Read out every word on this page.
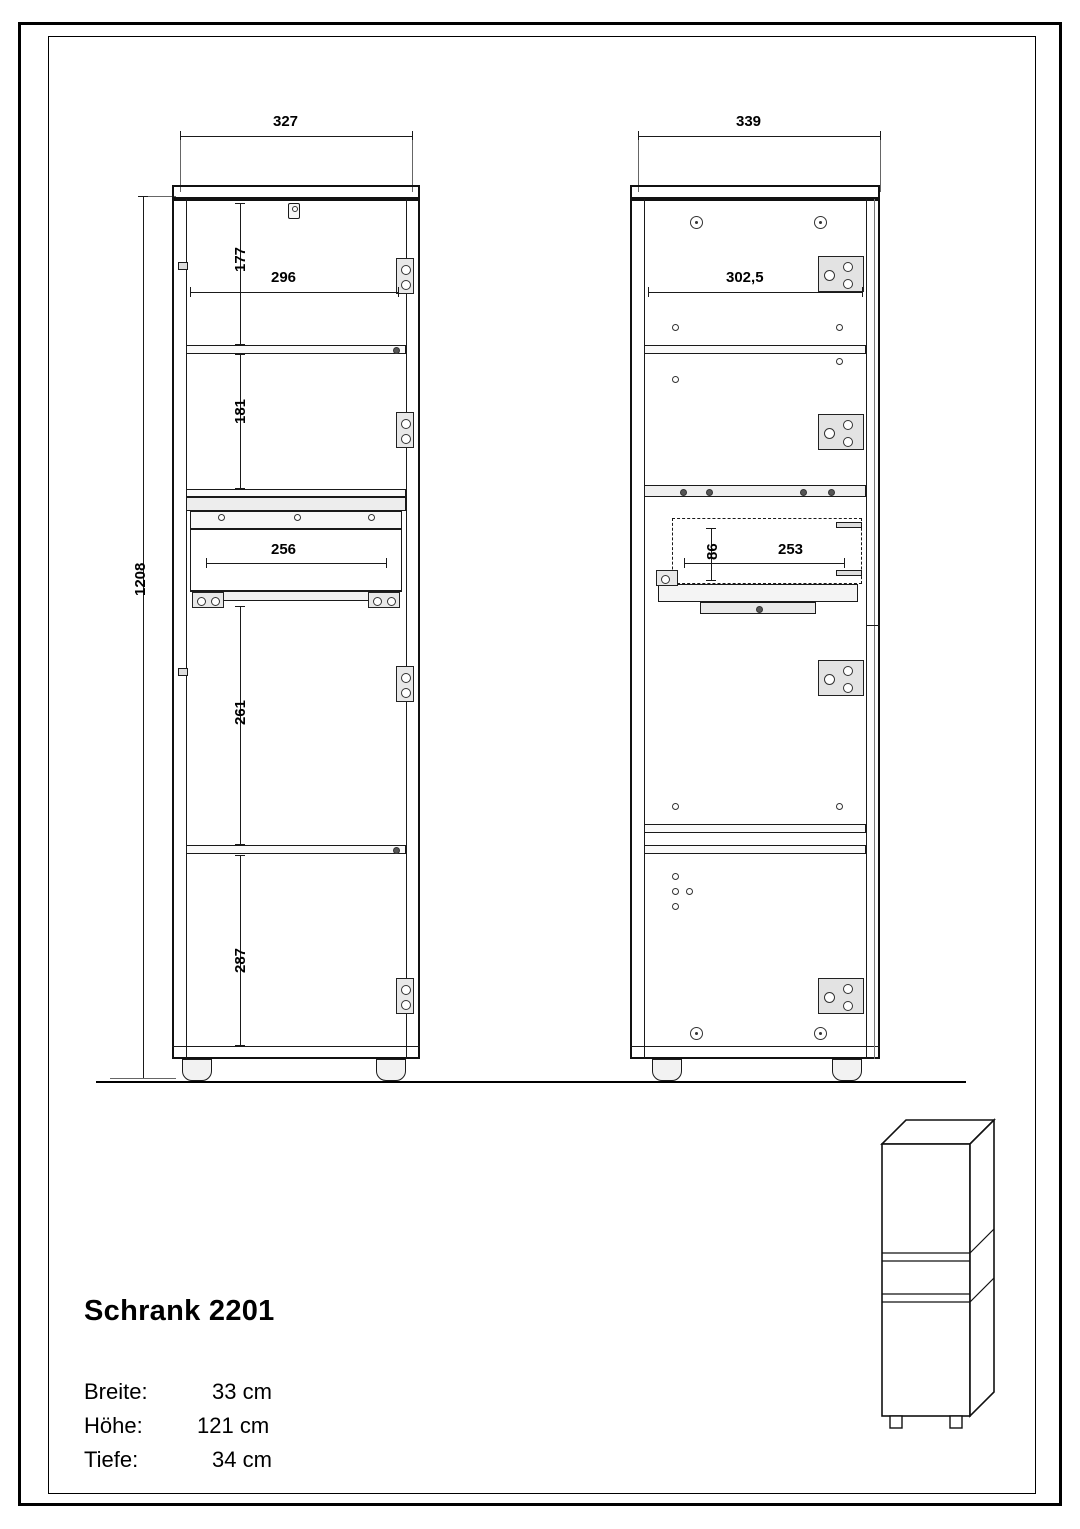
327
1208
177
296
181
256
261
287
339
302,5
86	253
Schrank 2201
Breite:	33 cm
Höhe: 121 cm
Tiefe:	34 cm
